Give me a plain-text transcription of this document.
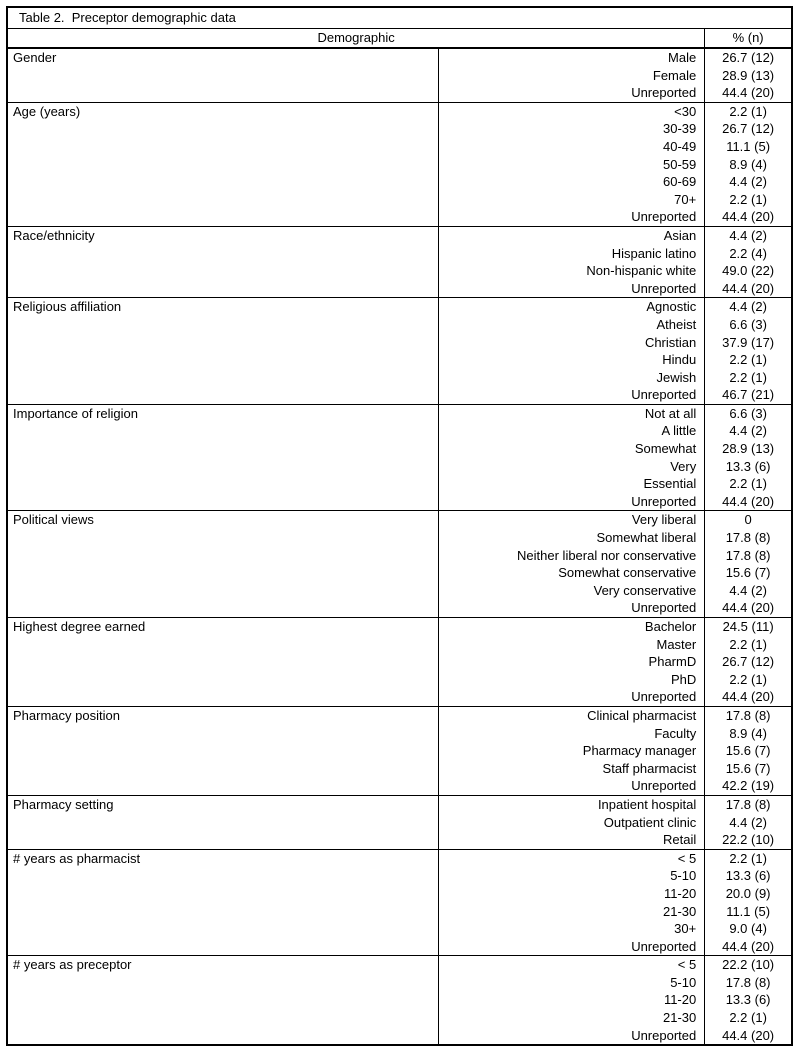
Table 2.  Preceptor demographic data		
Demographic		% (n)
Gender	Male	26.7 (12)
	Female	28.9 (13)
	Unreported	44.4 (20)
Age (years)	<30	2.2 (1)
	30-39	26.7 (12)
	40-49	11.1 (5)
	50-59	8.9 (4)
	60-69	4.4 (2)
	70+	2.2 (1)
	Unreported	44.4 (20)
Race/ethnicity	Asian	4.4 (2)
	Hispanic latino	2.2 (4)
	Non-hispanic white	49.0 (22)
	Unreported	44.4 (20)
Religious affiliation	Agnostic	4.4 (2)
	Atheist	6.6 (3)
	Christian	37.9 (17)
	Hindu	2.2 (1)
	Jewish	2.2 (1)
	Unreported	46.7 (21)
Importance of religion	Not at all	6.6 (3)
	A little	4.4 (2)
	Somewhat	28.9 (13)
	Very	13.3 (6)
	Essential	2.2 (1)
	Unreported	44.4 (20)
Political views	Very liberal	0
	Somewhat liberal	17.8 (8)
	Neither liberal nor conservative	17.8 (8)
	Somewhat conservative	15.6 (7)
	Very conservative	4.4 (2)
	Unreported	44.4 (20)
Highest degree earned	Bachelor	24.5 (11)
	Master	2.2 (1)
	PharmD	26.7 (12)
	PhD	2.2 (1)
	Unreported	44.4 (20)
Pharmacy position	Clinical pharmacist	17.8 (8)
	Faculty	8.9 (4)
	Pharmacy manager	15.6 (7)
	Staff pharmacist	15.6 (7)
	Unreported	42.2 (19)
Pharmacy setting	Inpatient hospital	17.8 (8)
	Outpatient clinic	4.4 (2)
	Retail	22.2 (10)
# years as pharmacist	< 5	2.2 (1)
	5-10	13.3 (6)
	11-20	20.0 (9)
	21-30	11.1 (5)
	30+	9.0 (4)
	Unreported	44.4 (20)
# years as preceptor	< 5	22.2 (10)
	5-10	17.8 (8)
	11-20	13.3 (6)
	21-30	2.2 (1)
	Unreported	44.4 (20)
